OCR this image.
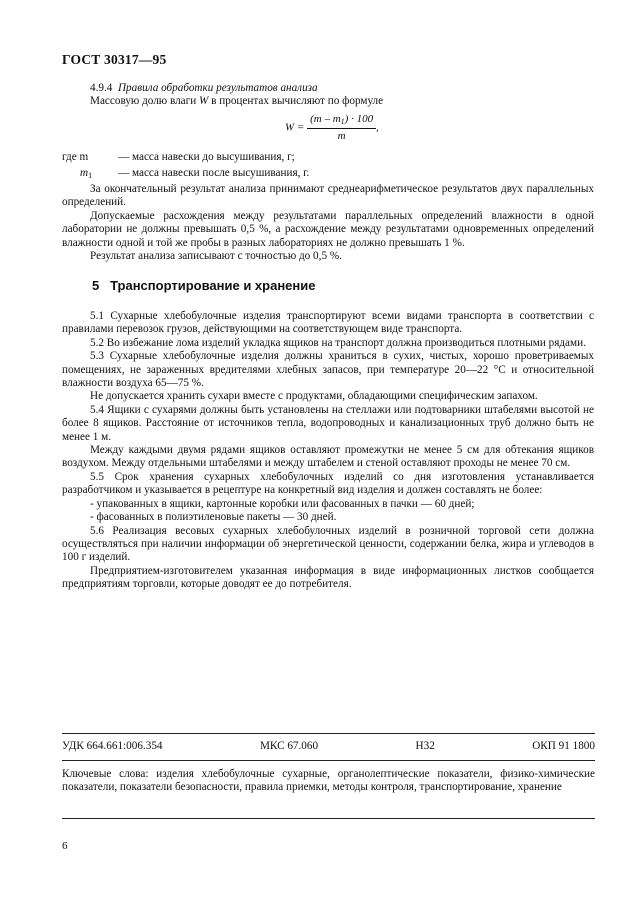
ГОСТ 30317—95

4.9.4 Правила обработки результатов анализа

Массовую долю влаги W в процентах вычисляют по формуле

$W = \frac{(m - m_1) \cdot 100}{m}$ ,
где m	— масса навески до высушивания, г;
$m_1$	— масса навески после высушивания, г.

За окончательный результат анализа принимают среднеарифметическое результатов двух параллельных определений.

Допускаемые расхождения между результатами параллельных определений влажности в одной лаборатории не должны превышать 0,5 %, а расхождение между результатами одновременных определений влажности одной и той же пробы в разных лабораториях не должно превышать 1 %.

Результат анализа записывают с точностью до 0,5 %.

5 Транспортирование и хранение

5.1 Сухарные хлебобулочные изделия транспортируют всеми видами транспорта в соответствии с правилами перевозок грузов, действующими на соответствующем виде транспорта.

5.2 Во избежание лома изделий укладка ящиков на транспорт должна производиться плотными рядами.

5.3 Сухарные хлебобулочные изделия должны храниться в сухих, чистых, хорошо проветриваемых помещениях, не зараженных вредителями хлебных запасов, при температуре 20—22 °С и относительной влажности воздуха 65—75 %.

Не допускается хранить сухари вместе с продуктами, обладающими специфическим запахом.

5.4 Ящики с сухарями должны быть установлены на стеллажи или подтоварники штабелями высотой не более 8 ящиков. Расстояние от источников тепла, водопроводных и канализационных труб должно быть не менее 1 м.

Между каждыми двумя рядами ящиков оставляют промежутки не менее 5 см для обтекания ящиков воздухом. Между отдельными штабелями и между штабелем и стеной оставляют проходы не менее 70 см.

5.5 Срок хранения сухарных хлебобулочных изделий со дня изготовления устанавливается разработчиком и указывается в рецептуре на конкретный вид изделия и должен составлять не более:

- упакованных в ящики, картонные коробки или фасованных в пачки — 60 дней;

- фасованных в полиэтиленовые пакеты — 30 дней.

5.6 Реализация весовых сухарных хлебобулочных изделий в розничной торговой сети должна осуществляться при наличии информации об энергетической ценности, содержании белка, жира и углеводов в 100 г изделий.

Предприятием-изготовителем указанная информация в виде информационных листков сообщается предприятиям торговли, которые доводят ее до потребителя.

УДК 664.661:006.354	МКС 67.060	Н32	ОКП 91 1800

Ключевые слова: изделия хлебобулочные сухарные, органолептические показатели, физико-химические показатели, показатели безопасности, правила приемки, методы контроля, транспортирование, хранение

6
